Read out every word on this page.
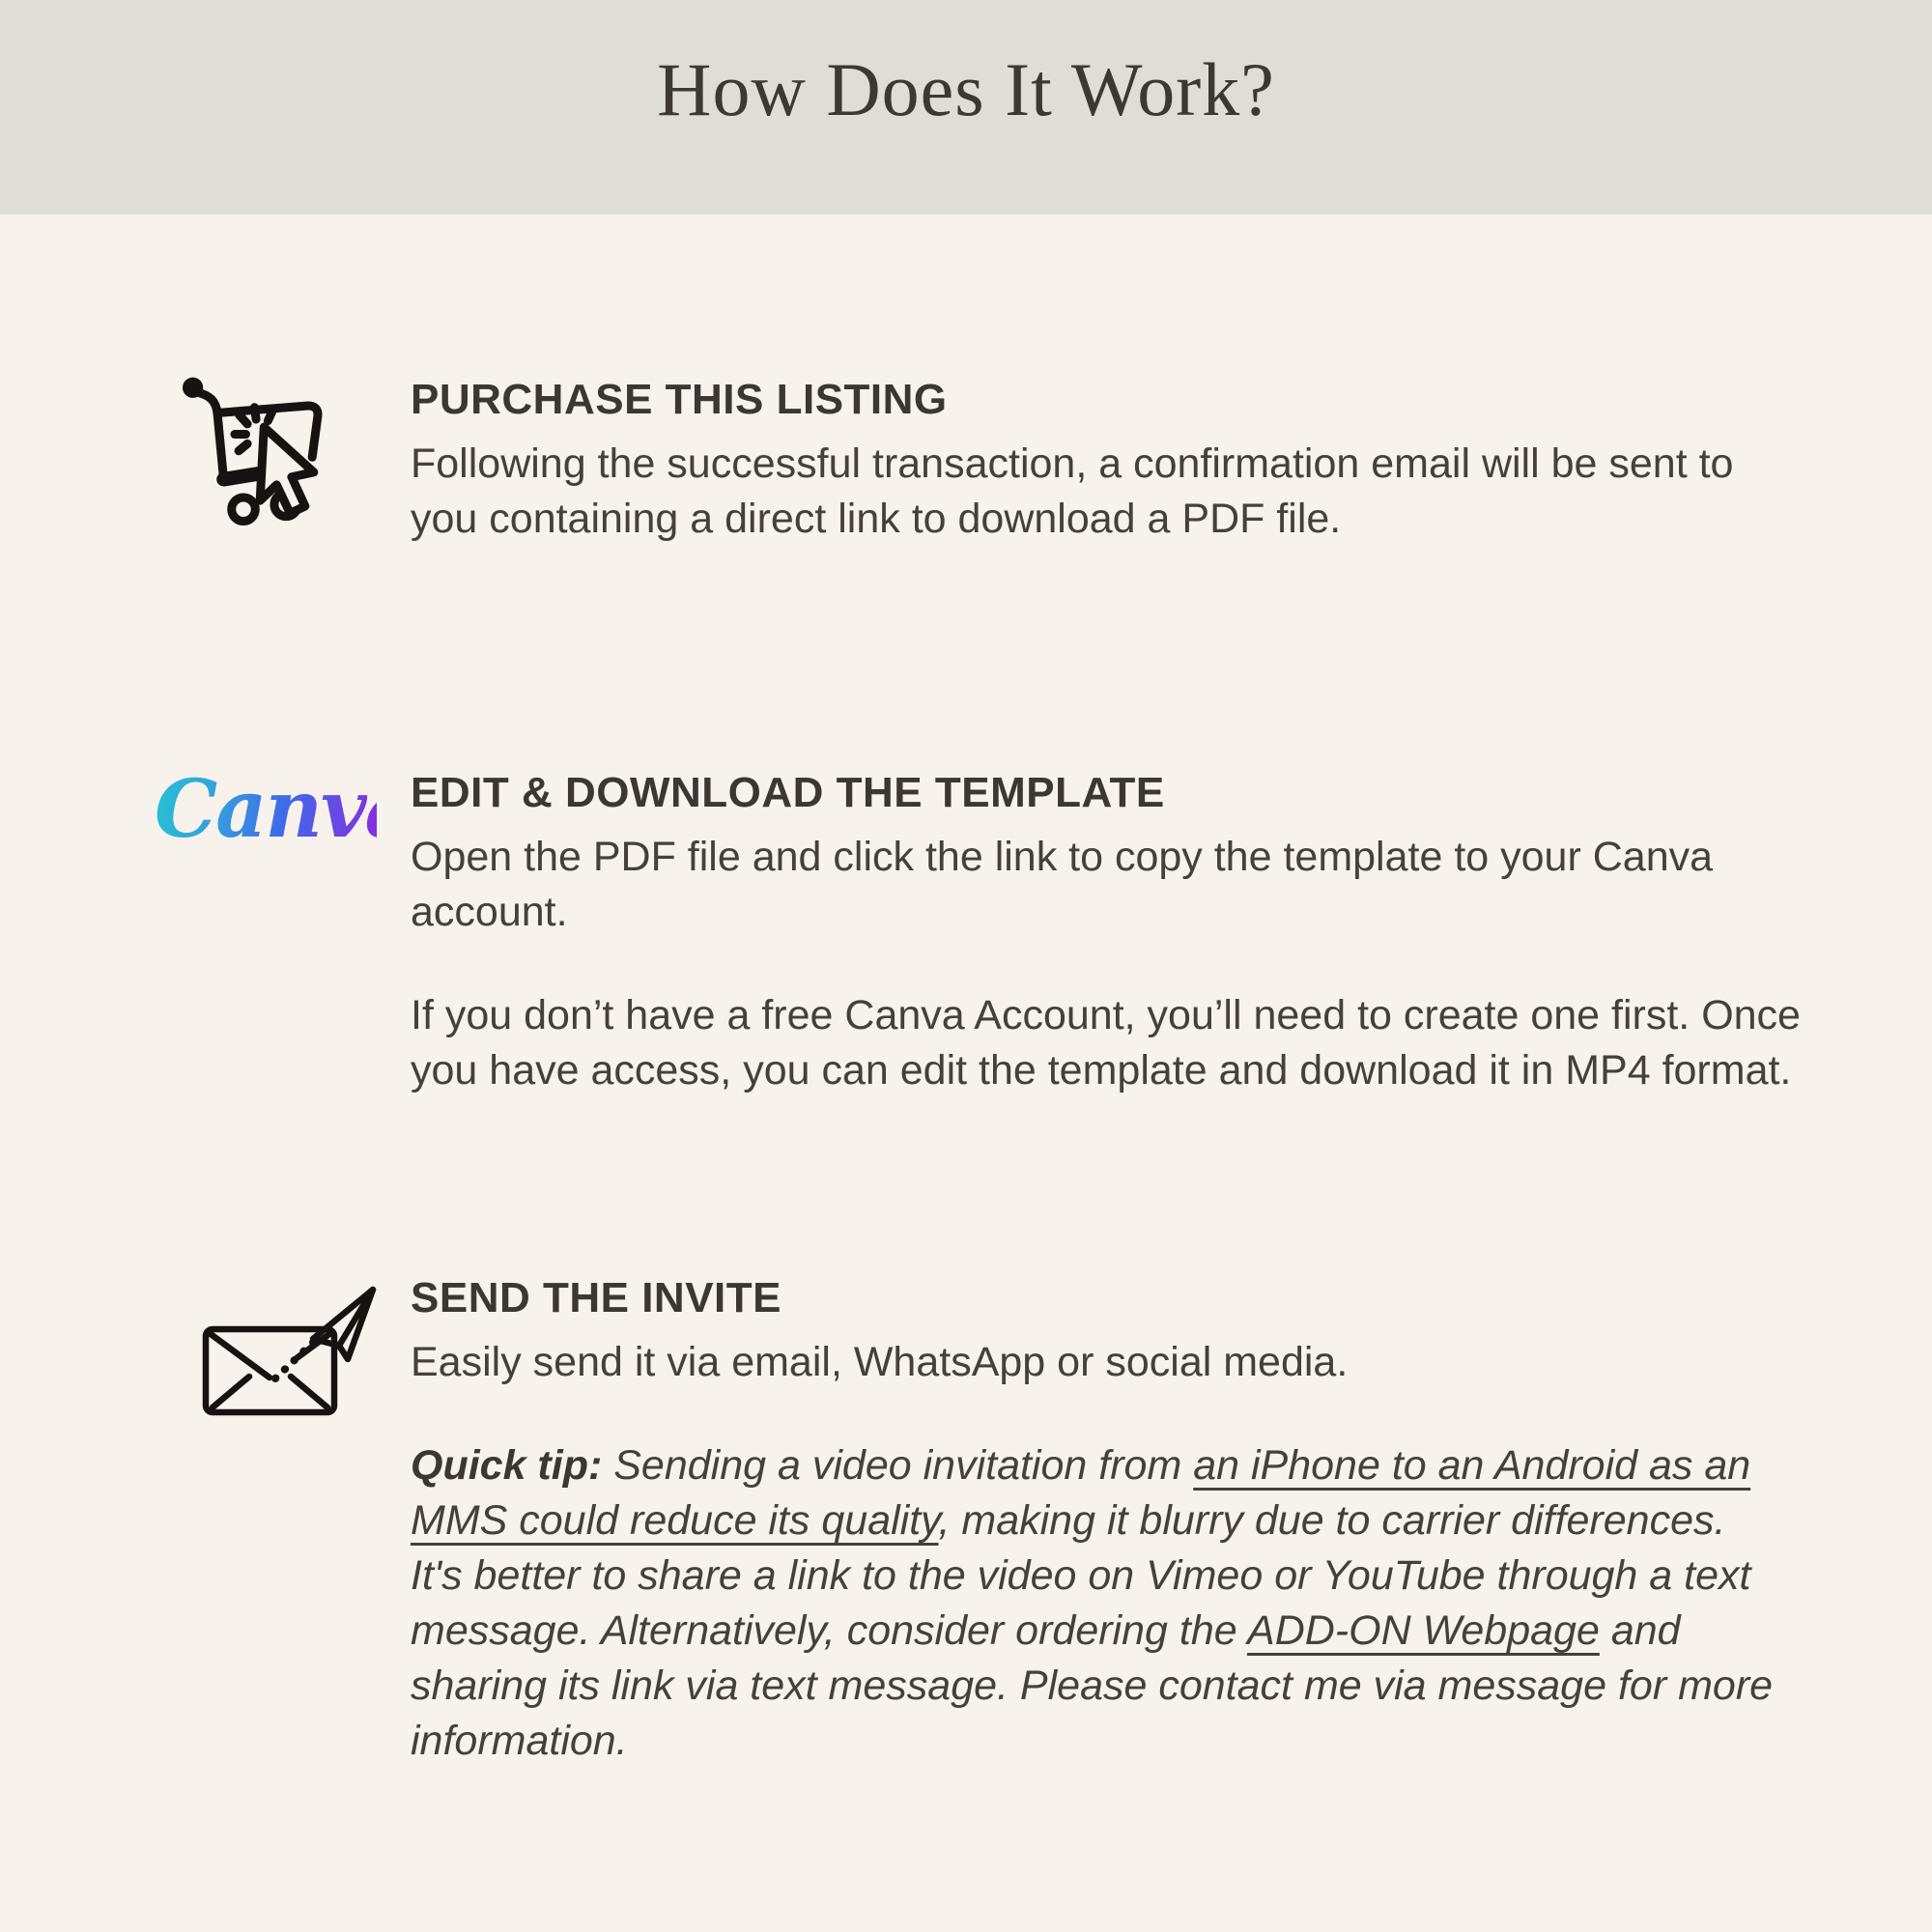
How Does It Work?
PURCHASE THIS LISTING

Following the successful transaction, a confirmation email will be sent to you containing a direct link to download a PDF file.

Canva
EDIT & DOWNLOAD THE TEMPLATE

Open the PDF file and click the link to copy the template to your Canva account.

If you don’t have a free Canva Account, you’ll need to create one first. Once you have access, you can edit the template and download it in MP4 format.

SEND THE INVITE

Easily send it via email, WhatsApp or social media.

Quick tip: Sending a video invitation from an iPhone to an Android as an MMS could reduce its quality, making it blurry due to carrier differences.
It's better to share a link to the video on Vimeo or YouTube through a text message. Alternatively, consider ordering the ADD-ON Webpage and sharing its link via text message. Please contact me via message for more information.
